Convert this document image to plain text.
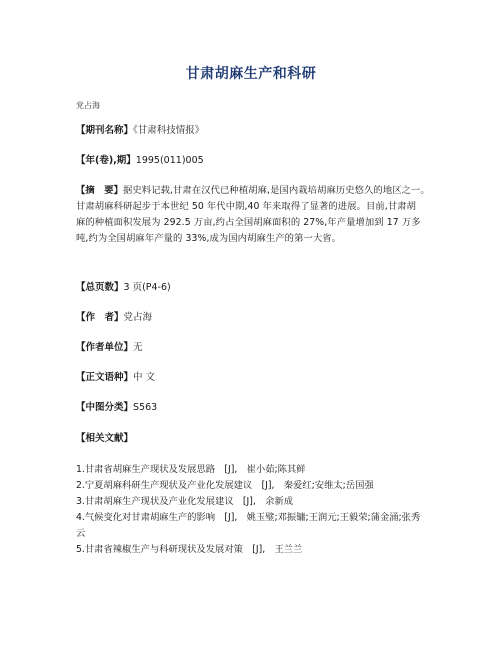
甘肃胡麻生产和科研
党占海
【期刊名称】《甘肃科技情报》
【年(卷),期】1995(011)005
【摘　要】据史料记载,甘肃在汉代已种植胡麻,是国内栽培胡麻历史悠久的地区之一。
甘肃胡麻科研起步于本世纪 50 年代中期,40 年来取得了显著的进展。目前,甘肃胡
麻的种植面积发展为 292.5 万亩,约占全国胡麻面积的 27%,年产量增加到 17 万多
吨,约为全国胡麻年产量的 33%,成为国内胡麻生产的第一大省。
【总页数】3 页(P4-6)
【作　者】党占海
【作者单位】无
【正文语种】中 文
【中图分类】S563
【相关文献】
1.甘肃省胡麻生产现状及发展思路　[J],　崔小茹;陈其鲜
2.宁夏胡麻科研生产现状及产业化发展建议　[J],　秦爱红;安维太;岳国强
3.甘肃胡麻生产现状及产业化发展建议　[J],　余新成
4.气候变化对甘肃胡麻生产的影响　[J],　姚玉璧;邓振镛;王润元;王毅荣;蒲金涌;张秀
云
5.甘肃省辣椒生产与科研现状及发展对策　[J],　王兰兰
